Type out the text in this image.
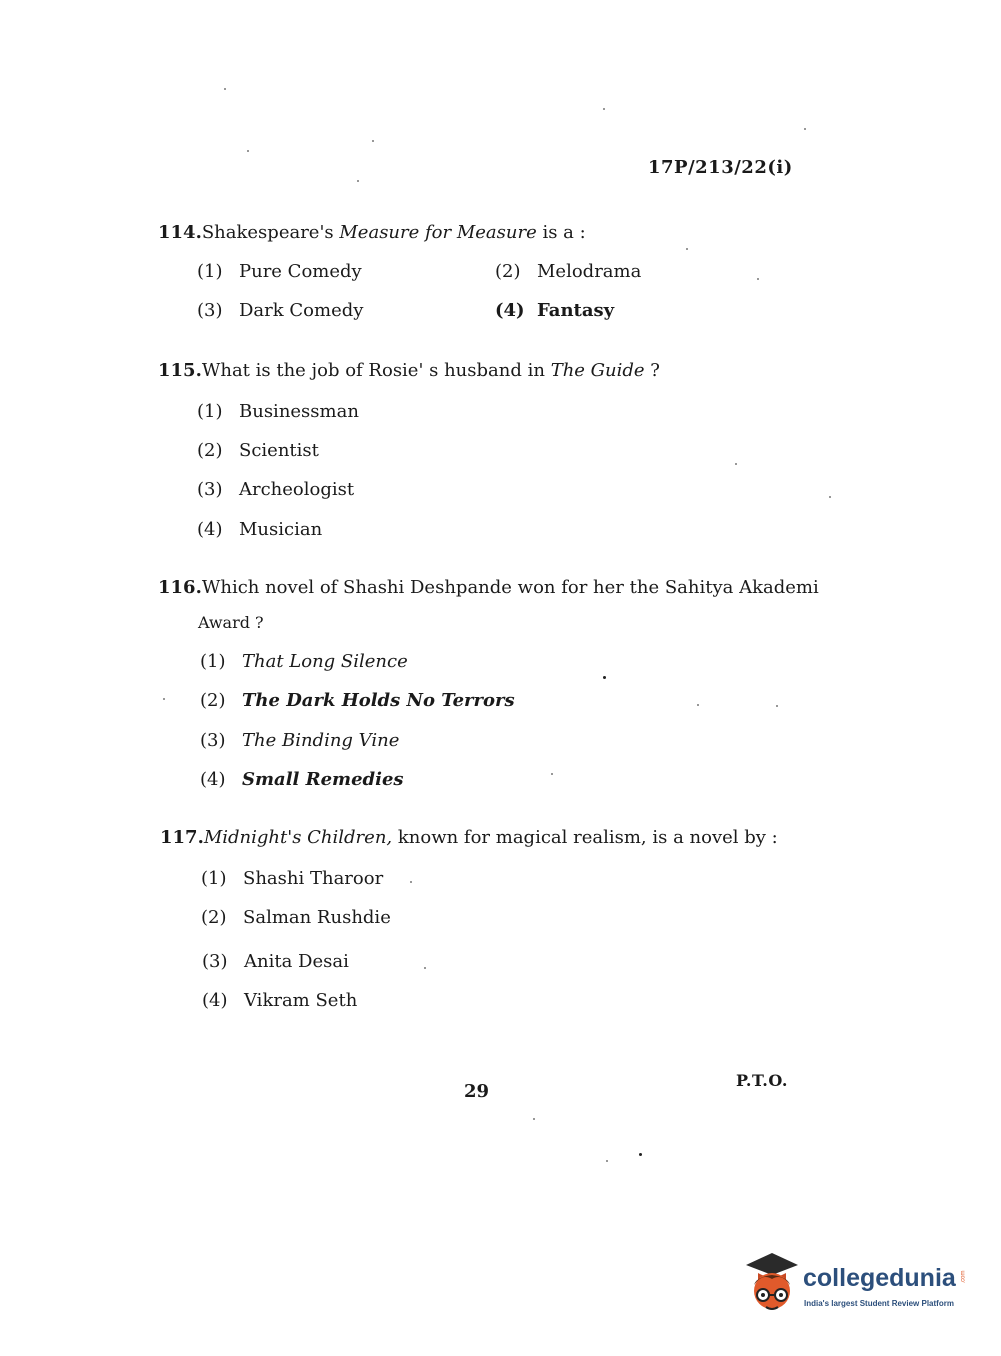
17P/213/22(i)
114.Shakespeare's Measure for Measure is a :
(1) Pure Comedy	(2) Melodrama
(3) Dark Comedy	(4) Fantasy
115.What is the job of Rosie' s husband in The Guide ?
(1) Businessman
(2) Scientist
(3) Archeologist
(4) Musician
116.Which novel of Shashi Deshpande won for her the Sahitya Akademi
Award ?
(1) That Long Silence
(2) The Dark Holds No Terrors
(3) The Binding Vine
(4) Small Remedies
117.Midnight's Children, known for magical realism, is a novel by :
(1) Shashi Tharoor
(2) Salman Rushdie
(3) Anita Desai
(4) Vikram Seth
29
P.T.O.
collegedunia .com
India's largest Student Review Platform
